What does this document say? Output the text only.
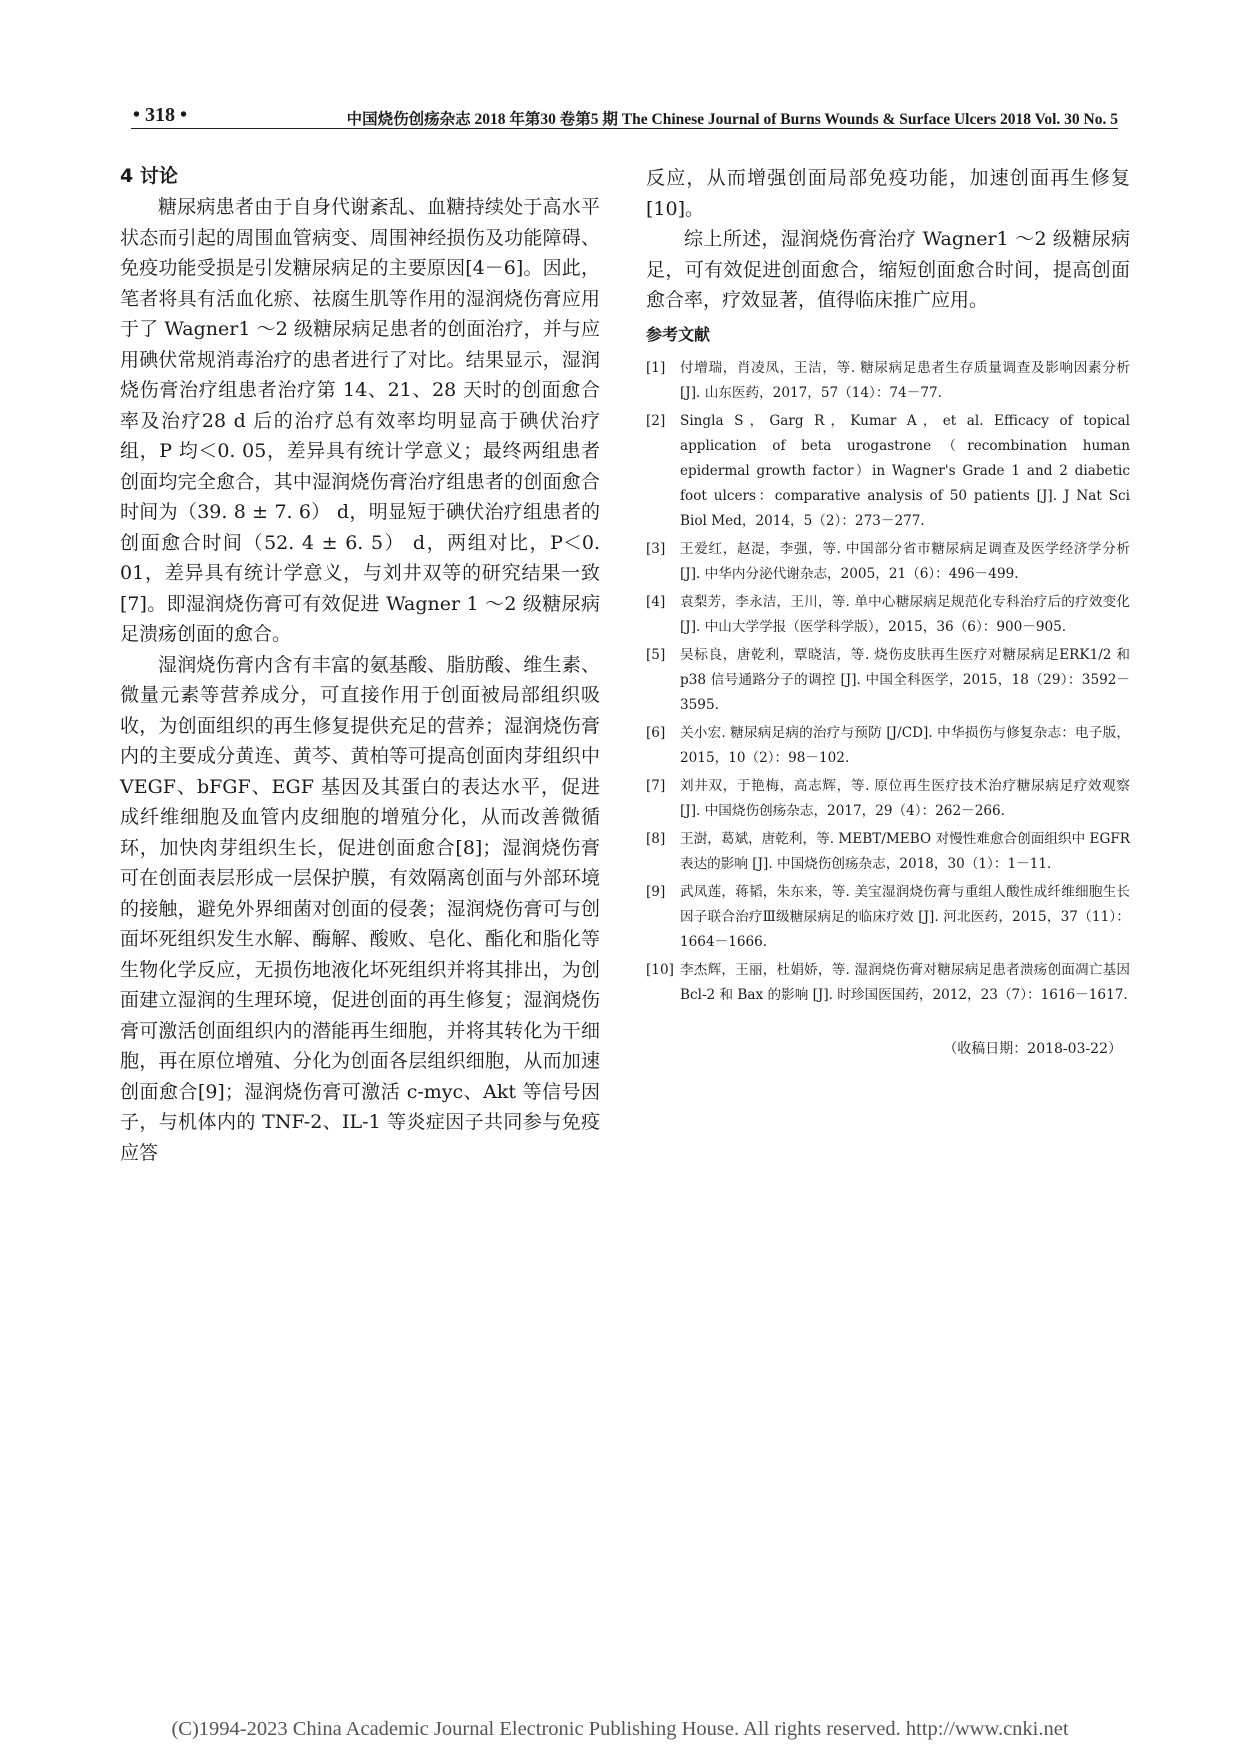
• 318 •	中国烧伤创疡杂志 2018 年第30 卷第5 期 The Chinese Journal of Burns Wounds & Surface Ulcers 2018 Vol. 30 No. 5
4 讨论

糖尿病患者由于自身代谢紊乱、血糖持续处于高水平状态而引起的周围血管病变、周围神经损伤及功能障碍、免疫功能受损是引发糖尿病足的主要原因[4－6]。因此，笔者将具有活血化瘀、祛腐生肌等作用的湿润烧伤膏应用于了 Wagner1 ～2 级糖尿病足患者的创面治疗，并与应用碘伏常规消毒治疗的患者进行了对比。结果显示，湿润烧伤膏治疗组患者治疗第 14、21、28 天时的创面愈合率及治疗28 d 后的治疗总有效率均明显高于碘伏治疗组，P 均＜0. 05，差异具有统计学意义；最终两组患者创面均完全愈合，其中湿润烧伤膏治疗组患者的创面愈合时间为（39. 8 ± 7. 6） d，明显短于碘伏治疗组患者的创面愈合时间（52. 4 ± 6. 5） d，两组对比，P＜0. 01，差异具有统计学意义，与刘井双等的研究结果一致[7]。即湿润烧伤膏可有效促进 Wagner 1 ～2 级糖尿病足溃疡创面的愈合。

湿润烧伤膏内含有丰富的氨基酸、脂肪酸、维生素、微量元素等营养成分，可直接作用于创面被局部组织吸收，为创面组织的再生修复提供充足的营养；湿润烧伤膏内的主要成分黄连、黄芩、黄柏等可提高创面肉芽组织中 VEGF、bFGF、EGF 基因及其蛋白的表达水平，促进成纤维细胞及血管内皮细胞的增殖分化，从而改善微循环，加快肉芽组织生长，促进创面愈合[8]；湿润烧伤膏可在创面表层形成一层保护膜，有效隔离创面与外部环境的接触，避免外界细菌对创面的侵袭；湿润烧伤膏可与创面坏死组织发生水解、酶解、酸败、皂化、酯化和脂化等生物化学反应，无损伤地液化坏死组织并将其排出，为创面建立湿润的生理环境，促进创面的再生修复；湿润烧伤膏可激活创面组织内的潜能再生细胞，并将其转化为干细胞，再在原位增殖、分化为创面各层组织细胞，从而加速创面愈合[9]；湿润烧伤膏可激活 c-myc、Akt 等信号因子，与机体内的 TNF-2、IL-1 等炎症因子共同参与免疫应答

反应，从而增强创面局部免疫功能，加速创面再生修复[10]。

综上所述，湿润烧伤膏治疗 Wagner1 ～2 级糖尿病足，可有效促进创面愈合，缩短创面愈合时间，提高创面愈合率，疗效显著，值得临床推广应用。

参考文献
[1]	付增瑞，肖凌凤，王洁，等. 糖尿病足患者生存质量调查及影响因素分析 [J]. 山东医药，2017，57（14）：74－77.
[2]	Singla S，Garg R，Kumar A，et al. Efficacy of topical application of beta urogastrone（recombination human epidermal growth factor）in Wagner's Grade 1 and 2 diabetic foot ulcers：comparative analysis of 50 patients [J]. J Nat Sci Biol Med，2014，5（2）：273－277.
[3]	王爱红，赵湜，李强，等. 中国部分省市糖尿病足调查及医学经济学分析 [J]. 中华内分泌代谢杂志，2005，21（6）：496－499.
[4]	袁梨芳，李永洁，王川，等. 单中心糖尿病足规范化专科治疗后的疗效变化 [J]. 中山大学学报（医学科学版），2015，36（6）：900－905.
[5]	吴标良，唐乾利，覃晓洁，等. 烧伤皮肤再生医疗对糖尿病足ERK1/2 和 p38 信号通路分子的调控 [J]. 中国全科医学，2015，18（29）：3592－3595.
[6]	关小宏. 糖尿病足病的治疗与预防 [J/CD]. 中华损伤与修复杂志：电子版，2015，10（2）：98－102.
[7]	刘井双，于艳梅，高志辉，等. 原位再生医疗技术治疗糖尿病足疗效观察 [J]. 中国烧伤创疡杂志，2017，29（4）：262－266.
[8]	王澍，葛斌，唐乾利，等. MEBT/MEBO 对慢性难愈合创面组织中 EGFR 表达的影响 [J]. 中国烧伤创疡杂志，2018，30（1）：1－11.
[9]	武凤莲，蒋韬，朱东来，等. 美宝湿润烧伤膏与重组人酸性成纤维细胞生长因子联合治疗Ⅲ级糖尿病足的临床疗效 [J]. 河北医药，2015，37（11）：1664－1666.
[10] 李杰辉，王丽，杜娟娇，等. 湿润烧伤膏对糖尿病足患者溃疡创面凋亡基因 Bcl-2 和 Bax 的影响 [J]. 时珍国医国药，2012，23（7）：1616－1617.
（收稿日期：2018-03-22）
(C)1994-2023 China Academic Journal Electronic Publishing House. All rights reserved. http://www.cnki.net
